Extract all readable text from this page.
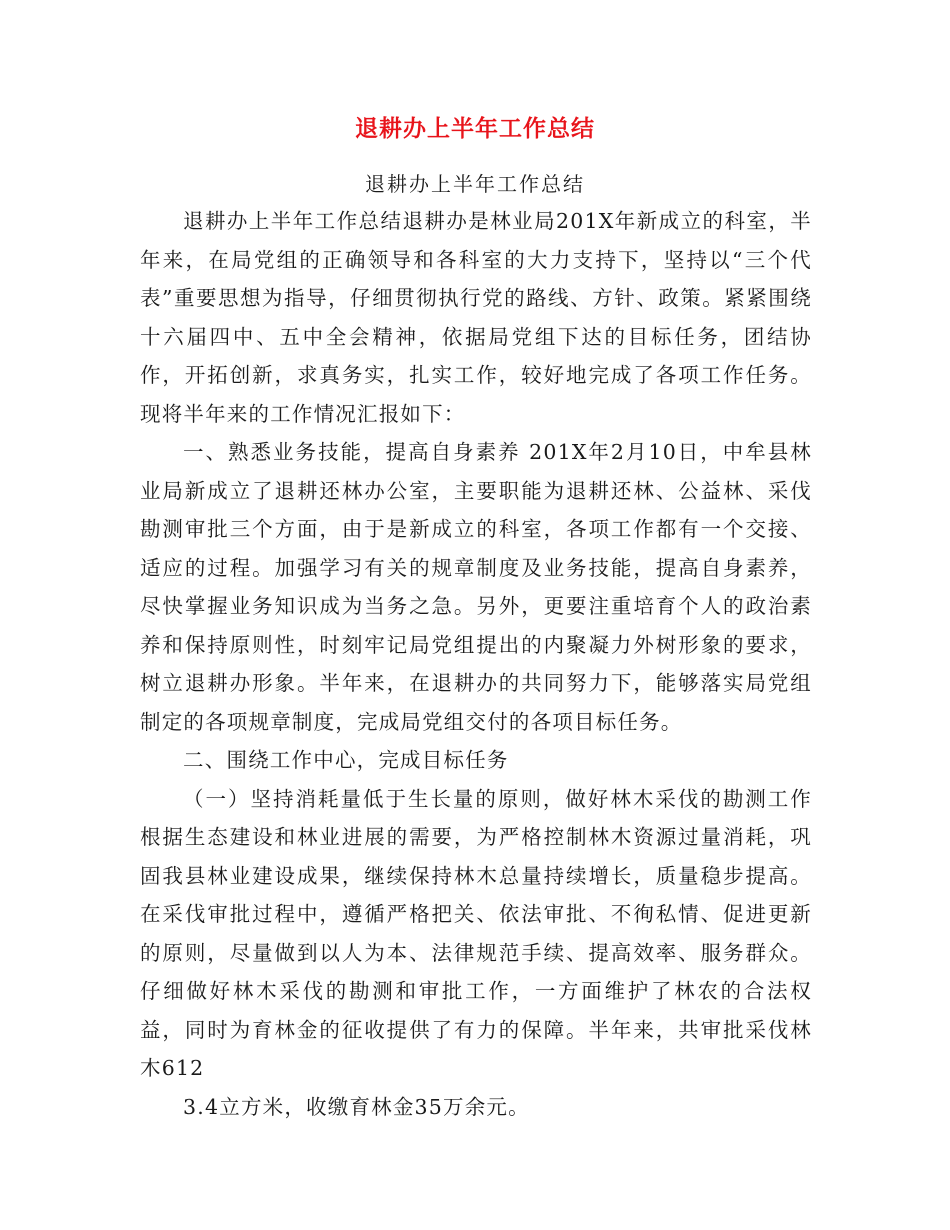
退耕办上半年工作总结

退耕办上半年工作总结

退耕办上半年工作总结退耕办是林业局201X年新成立的科室，半年来，在局党组的正确领导和各科室的大力支持下，坚持以“三个代表”重要思想为指导，仔细贯彻执行党的路线、方针、政策。紧紧围绕十六届四中、五中全会精神，依据局党组下达的目标任务，团结协作，开拓创新，求真务实，扎实工作，较好地完成了各项工作任务。现将半年来的工作情况汇报如下：

一、熟悉业务技能，提高自身素养 201X年2月10日，中牟县林业局新成立了退耕还林办公室，主要职能为退耕还林、公益林、采伐勘测审批三个方面，由于是新成立的科室，各项工作都有一个交接、适应的过程。加强学习有关的规章制度及业务技能，提高自身素养，尽快掌握业务知识成为当务之急。另外，更要注重培育个人的政治素养和保持原则性，时刻牢记局党组提出的内聚凝力外树形象的要求，树立退耕办形象。半年来，在退耕办的共同努力下，能够落实局党组制定的各项规章制度，完成局党组交付的各项目标任务。

二、围绕工作中心，完成目标任务

（一）坚持消耗量低于生长量的原则，做好林木采伐的勘测工作根据生态建设和林业进展的需要，为严格控制林木资源过量消耗，巩固我县林业建设成果，继续保持林木总量持续增长，质量稳步提高。在采伐审批过程中，遵循严格把关、依法审批、不徇私情、促进更新的原则，尽量做到以人为本、法律规范手续、提高效率、服务群众。仔细做好林木采伐的勘测和审批工作，一方面维护了林农的合法权益，同时为育林金的征收提供了有力的保障。半年来，共审批采伐林木612

3.4立方米，收缴育林金35万余元。
